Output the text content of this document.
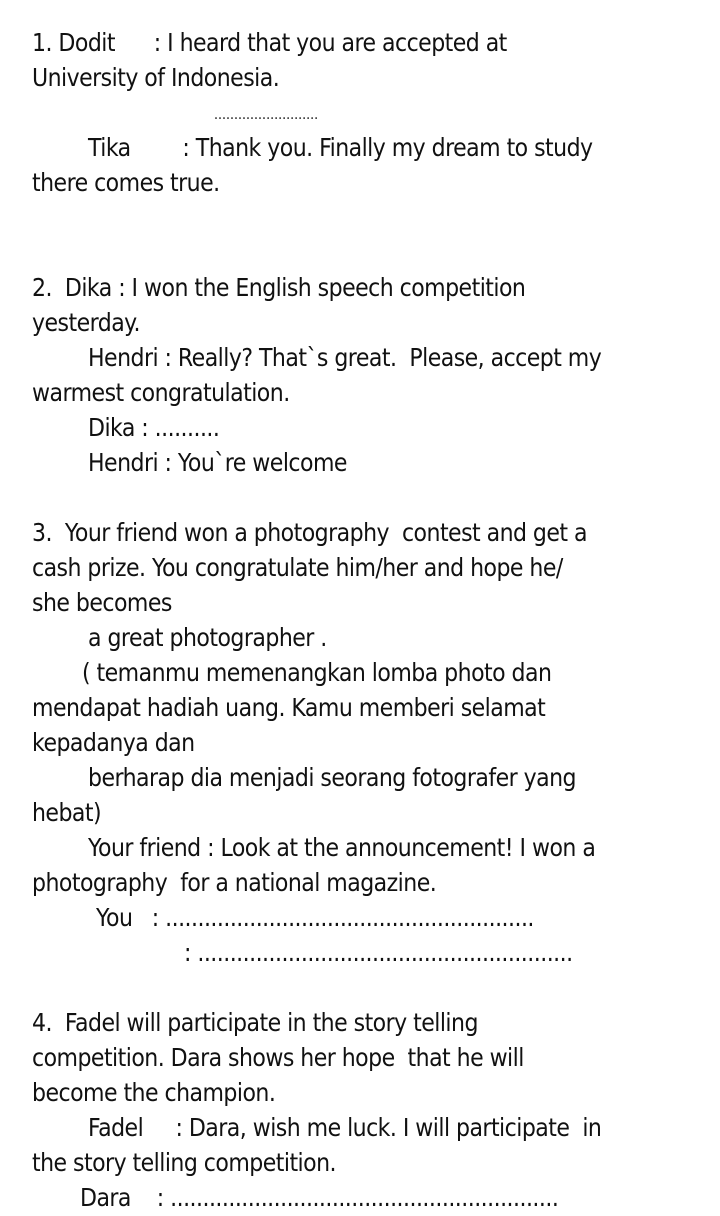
1. Dodit      : I heard that you are accepted at
University of Indonesia.
..........................
Tika        : Thank you. Finally my dream to study
there comes true.
2.  Dika : I won the English speech competition
yesterday.
Hendri : Really? That`s great.  Please, accept my
warmest congratulation.
Dika : ..........
Hendri : You`re welcome
3.  Your friend won a photography  contest and get a
cash prize. You congratulate him/her and hope he/
she becomes
a great photographer .
( temanmu memenangkan lomba photo dan
mendapat hadiah uang. Kamu memberi selamat
kepadanya dan
berharap dia menjadi seorang fotografer yang
hebat)
Your friend : Look at the announcement! I won a
photography  for a national magazine.
You   : .........................................................
: ..........................................................
4.  Fadel will participate in the story telling
competition. Dara shows her hope  that he will
become the champion.
Fadel     : Dara, wish me luck. I will participate  in
the story telling competition.
Dara    : ............................................................
